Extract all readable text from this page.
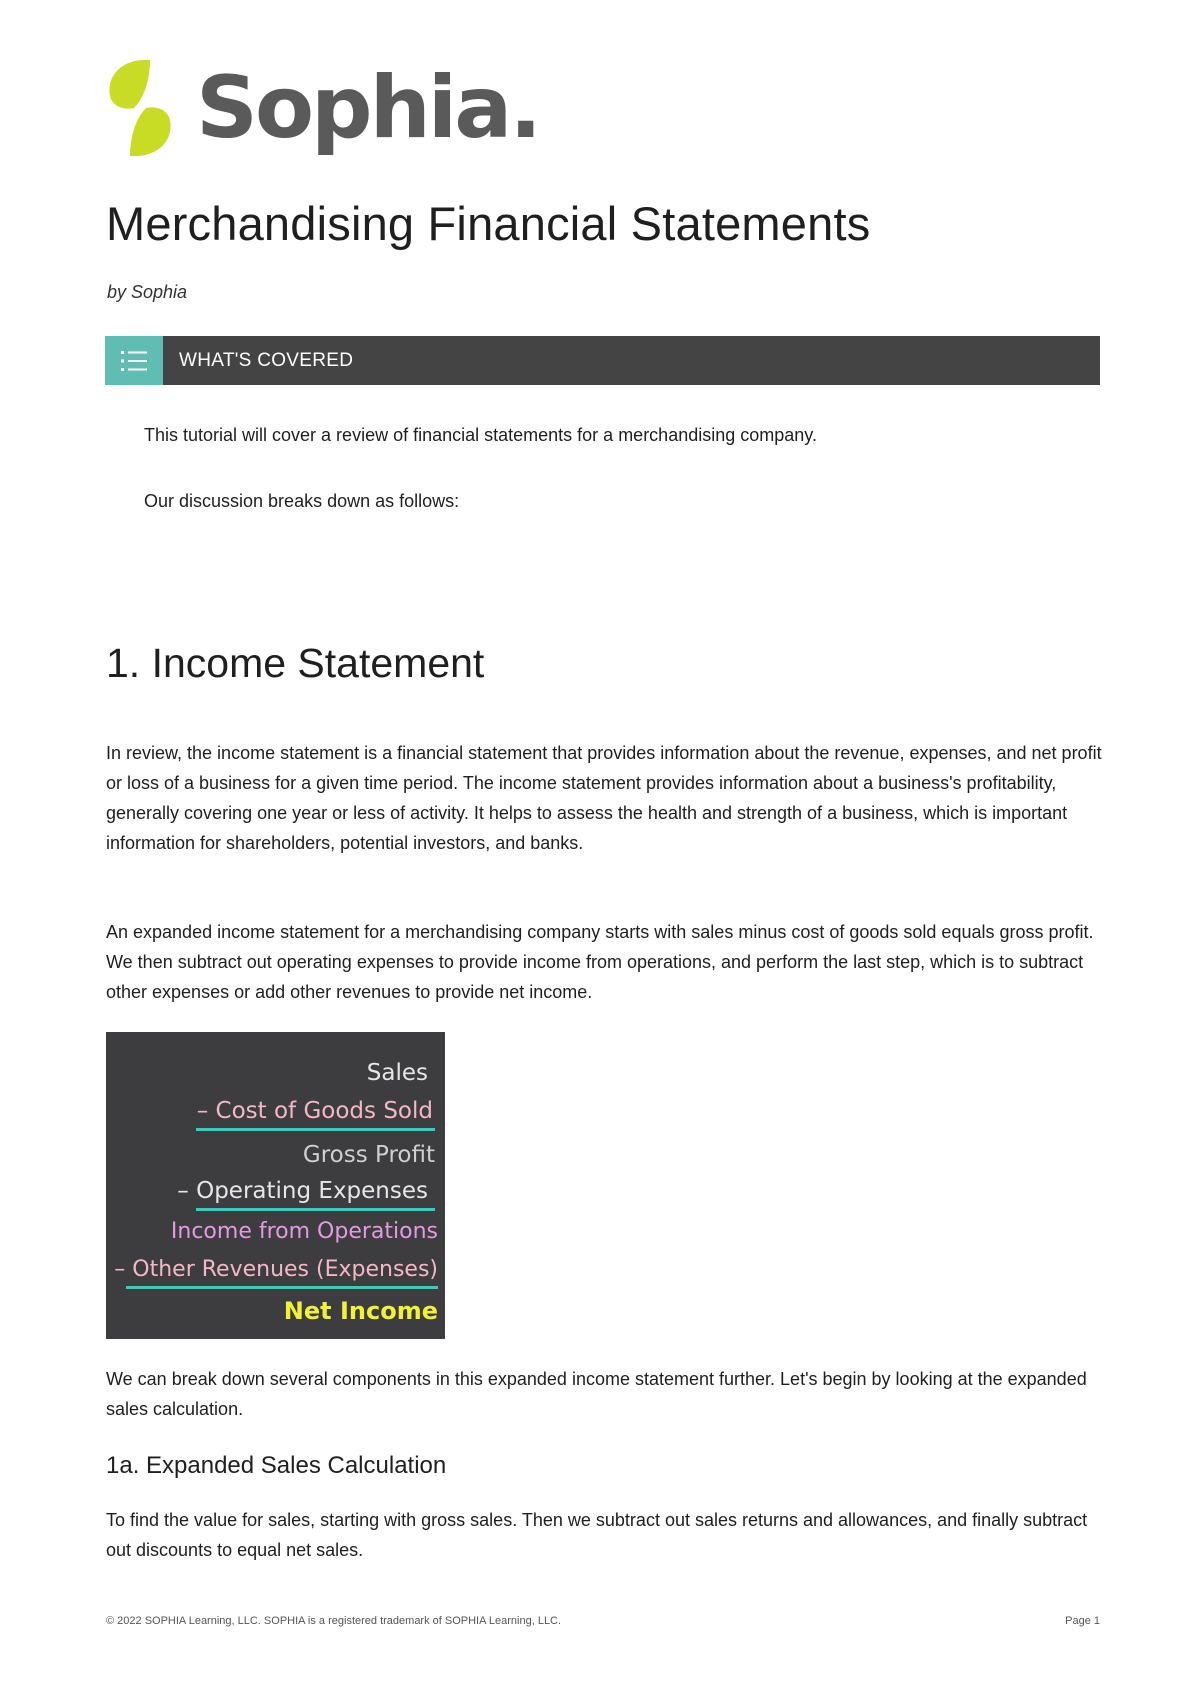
Sophia.
Merchandising Financial Statements
by Sophia
WHAT'S COVERED
This tutorial will cover a review of financial statements for a merchandising company.
Our discussion breaks down as follows:
1. Income Statement

In review, the income statement is a financial statement that provides information about the revenue, expenses, and net profit or loss of a business for a given time period. The income statement provides information about a business's profitability, generally covering one year or less of activity. It helps to assess the health and strength of a business, which is important information for shareholders, potential investors, and banks.

An expanded income statement for a merchandising company starts with sales minus cost of goods sold equals gross profit. We then subtract out operating expenses to provide income from operations, and perform the last step, which is to subtract other expenses or add other revenues to provide net income.

Sales
– Cost of Goods Sold
Gross Profit
– Operating Expenses
Income from Operations
– Other Revenues (Expenses)
Net Income

We can break down several components in this expanded income statement further. Let's begin by looking at the expanded sales calculation.

1a. Expanded Sales Calculation

To find the value for sales, starting with gross sales. Then we subtract out sales returns and allowances, and finally subtract out discounts to equal net sales.

© 2022 SOPHIA Learning, LLC. SOPHIA is a registered trademark of SOPHIA Learning, LLC.	Page 1
